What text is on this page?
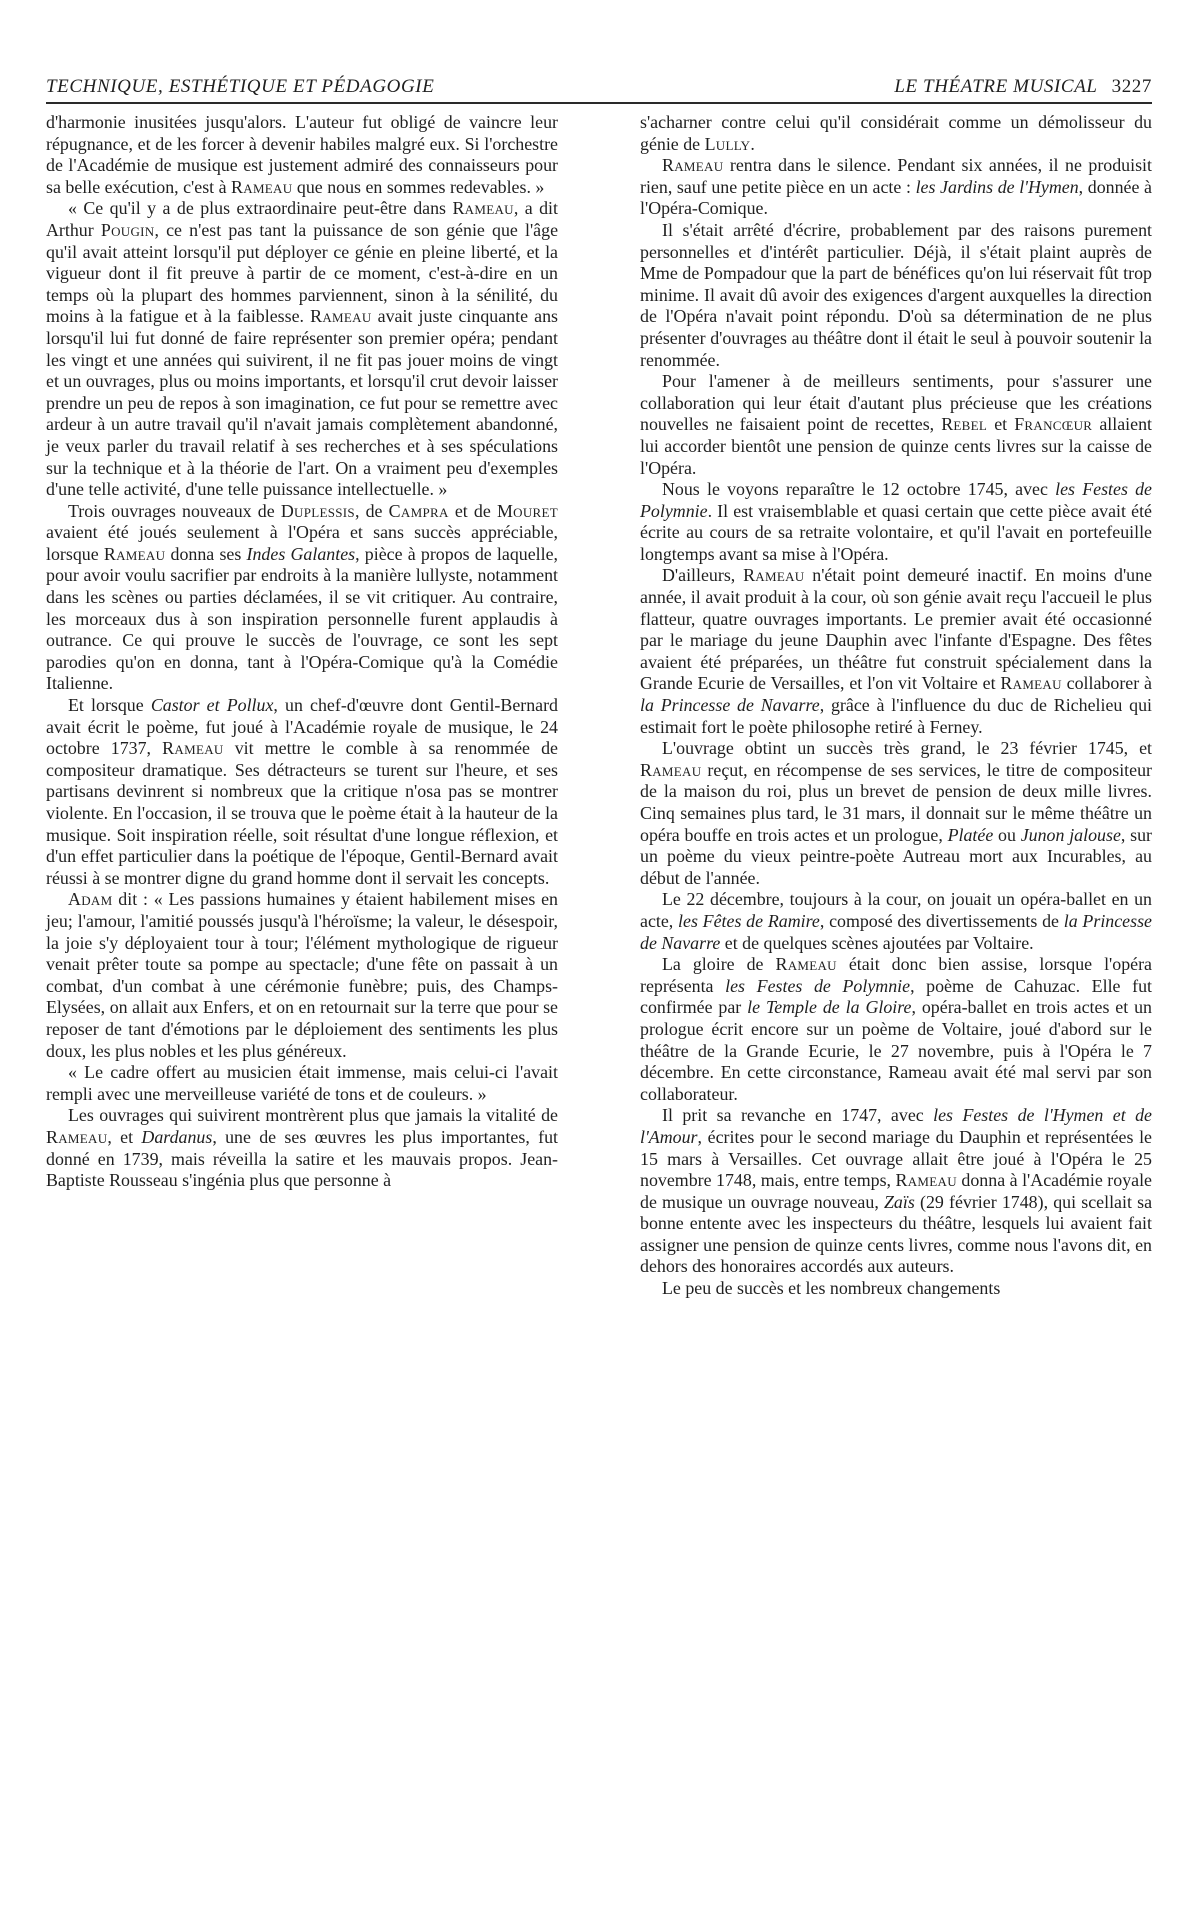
TECHNIQUE, ESTHÉTIQUE ET PÉDAGOGIE	LE THÉATRE MUSICAL 3227

d'harmonie inusitées jusqu'alors. L'auteur fut obligé de vaincre leur répugnance, et de les forcer à devenir habiles malgré eux. Si l'orchestre de l'Académie de musique est justement admiré des connaisseurs pour sa belle exécution, c'est à Rameau que nous en sommes redevables. »

« Ce qu'il y a de plus extraordinaire peut-être dans Rameau, a dit Arthur Pougin, ce n'est pas tant la puissance de son génie que l'âge qu'il avait atteint lorsqu'il put déployer ce génie en pleine liberté, et la vigueur dont il fit preuve à partir de ce moment, c'est-à-dire en un temps où la plupart des hommes parviennent, sinon à la sénilité, du moins à la fatigue et à la faiblesse. Rameau avait juste cinquante ans lorsqu'il lui fut donné de faire représenter son premier opéra; pendant les vingt et une années qui suivirent, il ne fit pas jouer moins de vingt et un ouvrages, plus ou moins importants, et lorsqu'il crut devoir laisser prendre un peu de repos à son imagination, ce fut pour se remettre avec ardeur à un autre travail qu'il n'avait jamais complètement abandonné, je veux parler du travail relatif à ses recherches et à ses spéculations sur la technique et à la théorie de l'art. On a vraiment peu d'exemples d'une telle activité, d'une telle puissance intellectuelle. »

Trois ouvrages nouveaux de Duplessis, de Campra et de Mouret avaient été joués seulement à l'Opéra et sans succès appréciable, lorsque Rameau donna ses Indes Galantes, pièce à propos de laquelle, pour avoir voulu sacrifier par endroits à la manière lullyste, notamment dans les scènes ou parties déclamées, il se vit critiquer. Au contraire, les morceaux dus à son inspiration personnelle furent applaudis à outrance. Ce qui prouve le succès de l'ouvrage, ce sont les sept parodies qu'on en donna, tant à l'Opéra-Comique qu'à la Comédie Italienne.

Et lorsque Castor et Pollux, un chef-d'œuvre dont Gentil-Bernard avait écrit le poème, fut joué à l'Académie royale de musique, le 24 octobre 1737, Rameau vit mettre le comble à sa renommée de compositeur dramatique. Ses détracteurs se turent sur l'heure, et ses partisans devinrent si nombreux que la critique n'osa pas se montrer violente. En l'occasion, il se trouva que le poème était à la hauteur de la musique. Soit inspiration réelle, soit résultat d'une longue réflexion, et d'un effet particulier dans la poétique de l'époque, Gentil-Bernard avait réussi à se montrer digne du grand homme dont il servait les concepts.

Adam dit : « Les passions humaines y étaient habilement mises en jeu; l'amour, l'amitié poussés jusqu'à l'héroïsme; la valeur, le désespoir, la joie s'y déployaient tour à tour; l'élément mythologique de rigueur venait prêter toute sa pompe au spectacle; d'une fête on passait à un combat, d'un combat à une cérémonie funèbre; puis, des Champs-Elysées, on allait aux Enfers, et on en retournait sur la terre que pour se reposer de tant d'émotions par le déploiement des sentiments les plus doux, les plus nobles et les plus généreux.

« Le cadre offert au musicien était immense, mais celui-ci l'avait rempli avec une merveilleuse variété de tons et de couleurs. »

Les ouvrages qui suivirent montrèrent plus que jamais la vitalité de Rameau, et Dardanus, une de ses œuvres les plus importantes, fut donné en 1739, mais réveilla la satire et les mauvais propos. Jean-Baptiste Rousseau s'ingénia plus que personne à

s'acharner contre celui qu'il considérait comme un démolisseur du génie de Lully.

Rameau rentra dans le silence. Pendant six années, il ne produisit rien, sauf une petite pièce en un acte : les Jardins de l'Hymen, donnée à l'Opéra-Comique.

Il s'était arrêté d'écrire, probablement par des raisons purement personnelles et d'intérêt particulier. Déjà, il s'était plaint auprès de Mme de Pompadour que la part de bénéfices qu'on lui réservait fût trop minime. Il avait dû avoir des exigences d'argent auxquelles la direction de l'Opéra n'avait point répondu. D'où sa détermination de ne plus présenter d'ouvrages au théâtre dont il était le seul à pouvoir soutenir la renommée.

Pour l'amener à de meilleurs sentiments, pour s'assurer une collaboration qui leur était d'autant plus précieuse que les créations nouvelles ne faisaient point de recettes, Rebel et Francœur allaient lui accorder bientôt une pension de quinze cents livres sur la caisse de l'Opéra.

Nous le voyons reparaître le 12 octobre 1745, avec les Festes de Polymnie. Il est vraisemblable et quasi certain que cette pièce avait été écrite au cours de sa retraite volontaire, et qu'il l'avait en portefeuille longtemps avant sa mise à l'Opéra.

D'ailleurs, Rameau n'était point demeuré inactif. En moins d'une année, il avait produit à la cour, où son génie avait reçu l'accueil le plus flatteur, quatre ouvrages importants. Le premier avait été occasionné par le mariage du jeune Dauphin avec l'infante d'Espagne. Des fêtes avaient été préparées, un théâtre fut construit spécialement dans la Grande Ecurie de Versailles, et l'on vit Voltaire et Rameau collaborer à la Princesse de Navarre, grâce à l'influence du duc de Richelieu qui estimait fort le poète philosophe retiré à Ferney.

L'ouvrage obtint un succès très grand, le 23 février 1745, et Rameau reçut, en récompense de ses services, le titre de compositeur de la maison du roi, plus un brevet de pension de deux mille livres. Cinq semaines plus tard, le 31 mars, il donnait sur le même théâtre un opéra bouffe en trois actes et un prologue, Platée ou Junon jalouse, sur un poème du vieux peintre-poète Autreau mort aux Incurables, au début de l'année.

Le 22 décembre, toujours à la cour, on jouait un opéra-ballet en un acte, les Fêtes de Ramire, composé des divertissements de la Princesse de Navarre et de quelques scènes ajoutées par Voltaire.

La gloire de Rameau était donc bien assise, lorsque l'opéra représenta les Festes de Polymnie, poème de Cahuzac. Elle fut confirmée par le Temple de la Gloire, opéra-ballet en trois actes et un prologue écrit encore sur un poème de Voltaire, joué d'abord sur le théâtre de la Grande Ecurie, le 27 novembre, puis à l'Opéra le 7 décembre. En cette circonstance, Rameau avait été mal servi par son collaborateur.

Il prit sa revanche en 1747, avec les Festes de l'Hymen et de l'Amour, écrites pour le second mariage du Dauphin et représentées le 15 mars à Versailles. Cet ouvrage allait être joué à l'Opéra le 25 novembre 1748, mais, entre temps, Rameau donna à l'Académie royale de musique un ouvrage nouveau, Zaïs (29 février 1748), qui scellait sa bonne entente avec les inspecteurs du théâtre, lesquels lui avaient fait assigner une pension de quinze cents livres, comme nous l'avons dit, en dehors des honoraires accordés aux auteurs.

Le peu de succès et les nombreux changements
